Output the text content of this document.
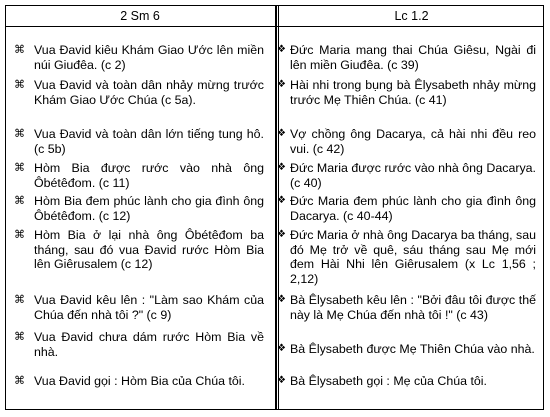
2 Sm 6	Lc 1.2
⌘ Vua Đavid kiêu Khám Giao Ước lên miền núi Giuđêa. (c 2)
⌘ Vua Đavid và toàn dân nhảy mừng trước Khám Giao Ước Chúa (c 5a).
⌘ Vua Đavid và toàn dân lớn tiếng tung hô. (c 5b)
⌘ Hòm Bia được rước vào nhà ông Ôbétêđom. (c 11)
⌘ Hòm Bia đem phúc lành cho gia đình ông Ôbétêđom. (c 12)
⌘ Hòm Bia ở lại nhà ông Ôbétêđom ba tháng, sau đó vua Đavid rước Hòm Bia lên Giêrusalem (c 12)
⌘ Vua Đavid kêu lên : "Làm sao Khám của Chúa đến nhà tôi ?" (c 9)
⌘ Vua Đavid chưa dám rước Hòm Bia về nhà.
⌘ Vua Đavid gọi : Hòm Bia của Chúa tôi.
❖ Đức Maria mang thai Chúa Giêsu, Ngài đi lên miền Giuđêa. (c 39)
❖ Hài nhi trong bụng bà Êlysabeth nhảy mừng trước Mẹ Thiên Chúa. (c 41)
❖ Vợ chồng ông Dacarya, cả hài nhi đều reo vui. (c 42)
❖ Đức Maria được rước vào nhà ông Dacarya. (c 40)
❖ Đức Maria đem phúc lành cho gia đình ông Dacarya. (c 40-44)
❖ Đức Maria ở nhà ông Dacarya ba tháng, sau đó Mẹ trở về quê, sáu tháng sau Mẹ mới đem Hài Nhi lên Giêrusalem (x Lc 1,56 ; 2,12)
❖ Bà Êlysabeth kêu lên : "Bởi đâu tôi được thế này là Mẹ Chúa đến nhà tôi !" (c 43)
❖ Bà Êlysabeth được Mẹ Thiên Chúa vào nhà.
❖ Bà Êlysabeth gọi : Mẹ của Chúa tôi.
